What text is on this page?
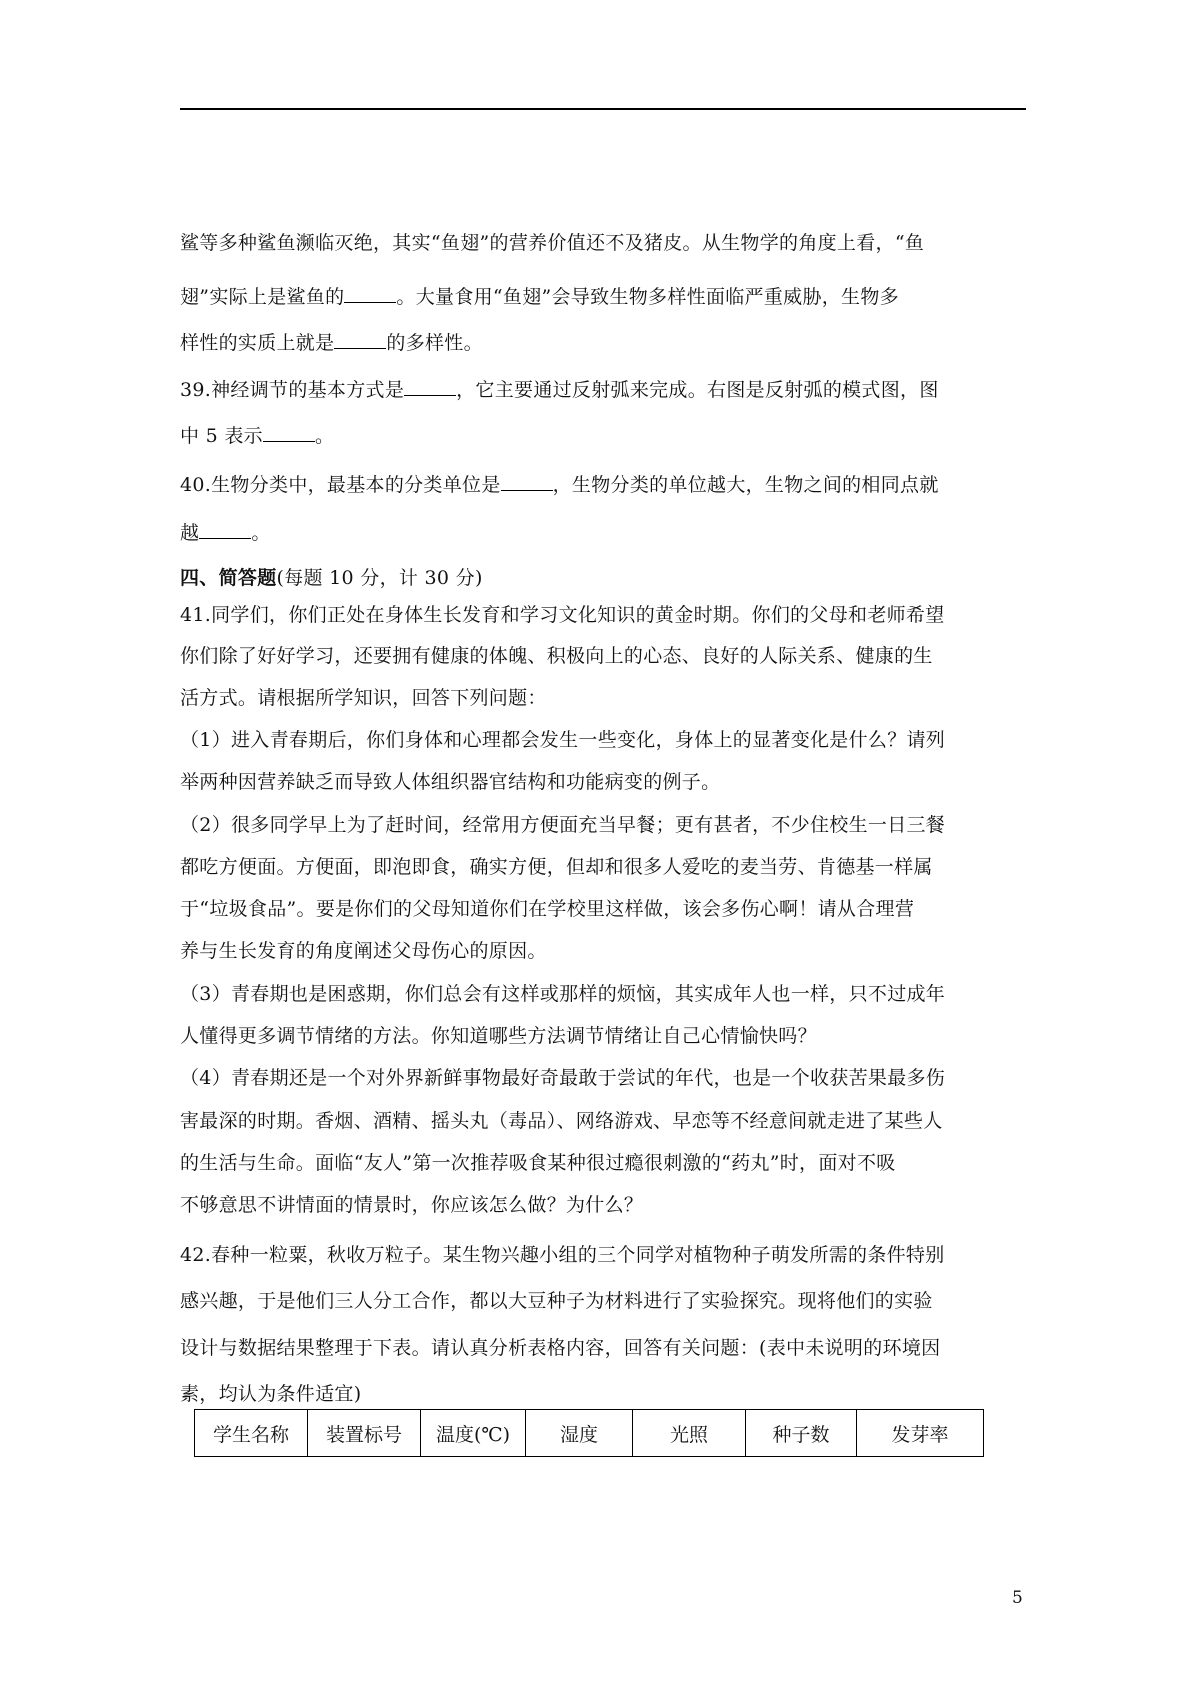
鲨等多种鲨鱼濒临灭绝，其实“鱼翅”的营养价值还不及猪皮。从生物学的角度上看，“鱼
翅”实际上是鲨鱼的	。大量食用“鱼翅”会导致生物多样性面临严重威胁，生物多
样性的实质上就是	的多样性。
39.神经调节的基本方式是	，它主要通过反射弧来完成。右图是反射弧的模式图，图
中 5 表示	。
40.生物分类中，最基本的分类单位是	，生物分类的单位越大，生物之间的相同点就
越	。
四、简答题(每题 10 分，计 30 分)
41.同学们，你们正处在身体生长发育和学习文化知识的黄金时期。你们的父母和老师希望
你们除了好好学习，还要拥有健康的体魄、积极向上的心态、良好的人际关系、健康的生
活方式。请根据所学知识，回答下列问题：
（1）进入青春期后，你们身体和心理都会发生一些变化，身体上的显著变化是什么？请列
举两种因营养缺乏而导致人体组织器官结构和功能病变的例子。
（2）很多同学早上为了赶时间，经常用方便面充当早餐；更有甚者，不少住校生一日三餐
都吃方便面。方便面，即泡即食，确实方便，但却和很多人爱吃的麦当劳、肯德基一样属
于“垃圾食品”。要是你们的父母知道你们在学校里这样做，该会多伤心啊！请从合理营
养与生长发育的角度阐述父母伤心的原因。
（3）青春期也是困惑期，你们总会有这样或那样的烦恼，其实成年人也一样，只不过成年
人懂得更多调节情绪的方法。你知道哪些方法调节情绪让自己心情愉快吗？
（4）青春期还是一个对外界新鲜事物最好奇最敢于尝试的年代，也是一个收获苦果最多伤
害最深的时期。香烟、酒精、摇头丸（毒品）、网络游戏、早恋等不经意间就走进了某些人
的生活与生命。面临“友人”第一次推荐吸食某种很过瘾很刺激的“药丸”时，面对不吸
不够意思不讲情面的情景时，你应该怎么做？为什么？
42.春种一粒粟，秋收万粒子。某生物兴趣小组的三个同学对植物种子萌发所需的条件特别
感兴趣，于是他们三人分工合作，都以大豆种子为材料进行了实验探究。现将他们的实验
设计与数据结果整理于下表。请认真分析表格内容，回答有关问题：(表中未说明的环境因
素，均认为条件适宜)
学生名称	装置标号	温度(℃)	湿度	光照	种子数	发芽率
5
